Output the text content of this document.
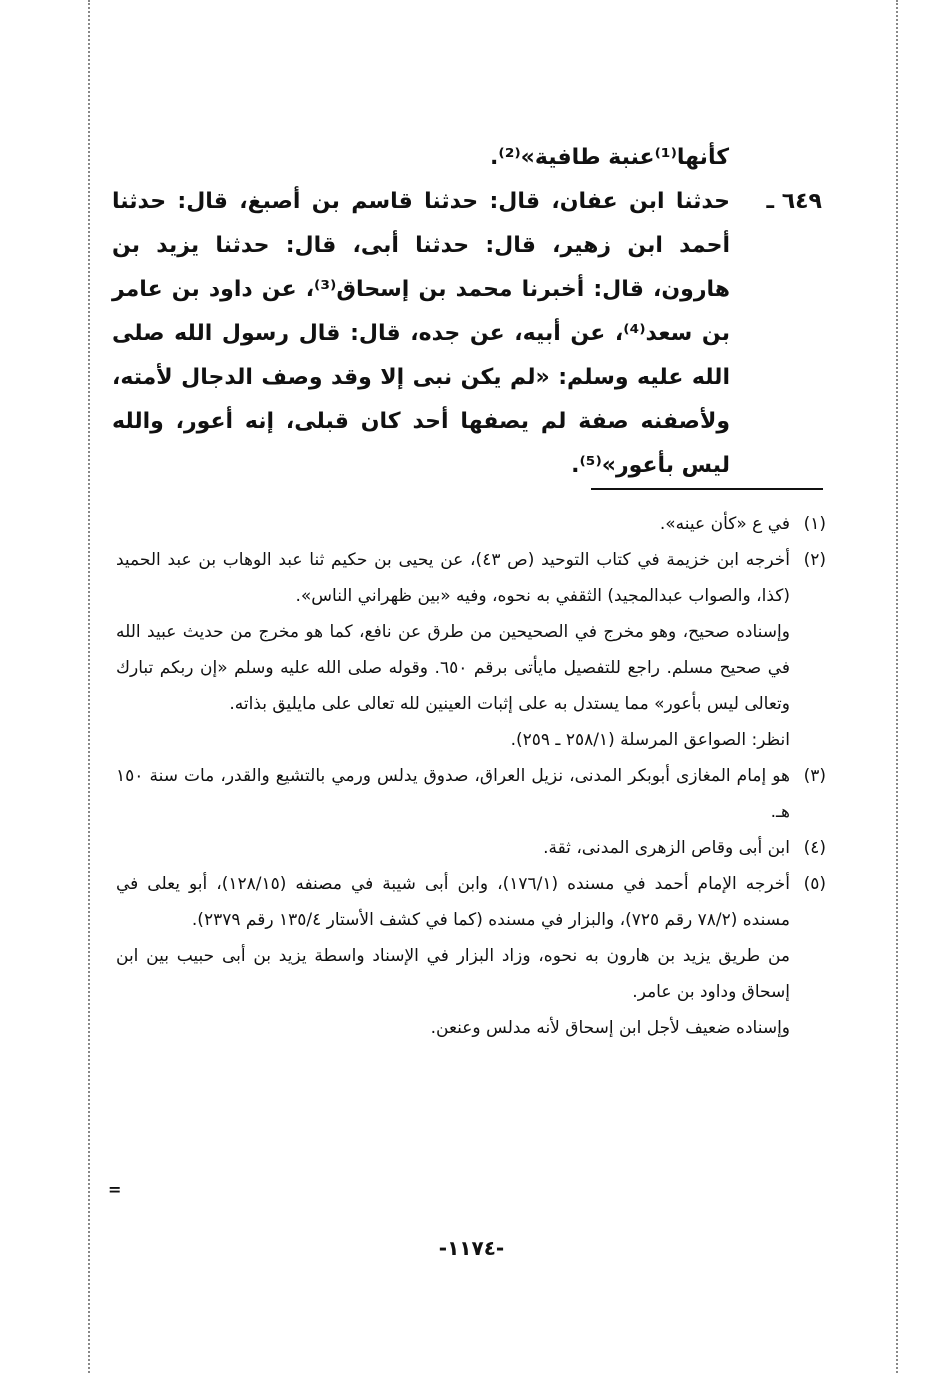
كأنها⁽¹⁾عنبة طافية»⁽²⁾.
٦٤٩ ـ
حدثنا ابن عفان، قال: حدثنا قاسم بن أصبغ، قال: حدثنا أحمد ابن زهير، قال: حدثنا أبى، قال: حدثنا يزيد بن هارون، قال: أخبرنا محمد بن إسحاق⁽³⁾، عن داود بن عامر بن سعد⁽⁴⁾، عن أبيه، عن جده، قال: قال رسول الله صلى الله عليه وسلم: «لم يكن نبى إلا وقد وصف الدجال لأمته، ولأصفنه صفة لم يصفها أحد كان قبلى، إنه أعور، والله ليس بأعور»⁽⁵⁾.
(١)

في ع «كأن عينه».

(٢)

أخرجه ابن خزيمة في كتاب التوحيد (ص ٤٣)، عن يحيى بن حكيم ثنا عبد الوهاب بن عبد الحميد (كذا، والصواب عبدالمجيد) الثقفي به نحوه، وفيه «بين ظهراني الناس».

وإسناده صحيح، وهو مخرج في الصحيحين من طرق عن نافع، كما هو مخرج من حديث عبيد الله في صحيح مسلم. راجع للتفصيل مايأتى برقم ٦٥٠. وقوله صلى الله عليه وسلم «إن ربكم تبارك وتعالى ليس بأعور» مما يستدل به على إثبات العينين لله تعالى على مايليق بذاته.

انظر: الصواعق المرسلة (٢٥٨/١ ـ ٢٥٩).

(٣)

هو إمام المغازى أبوبكر المدنى، نزيل العراق، صدوق يدلس ورمي بالتشيع والقدر، مات سنة ١٥٠ هـ.

(٤)

ابن أبى وقاص الزهرى المدنى، ثقة.

(٥)

أخرجه الإمام أحمد في مسنده (١٧٦/١)، وابن أبى شيبة في مصنفه (١٢٨/١٥)، أبو يعلى في مسنده (٧٨/٢ رقم ٧٢٥)، والبزار في مسنده (كما في كشف الأستار ١٣٥/٤ رقم ٢٣٧٩).

من طريق يزيد بن هارون به نحوه، وزاد البزار في الإسناد واسطة يزيد بن أبى حبيب بين ابن إسحاق وداود بن عامر.

وإسناده ضعيف لأجل ابن إسحاق لأنه مدلس وعنعن.

=
-١١٧٤-
